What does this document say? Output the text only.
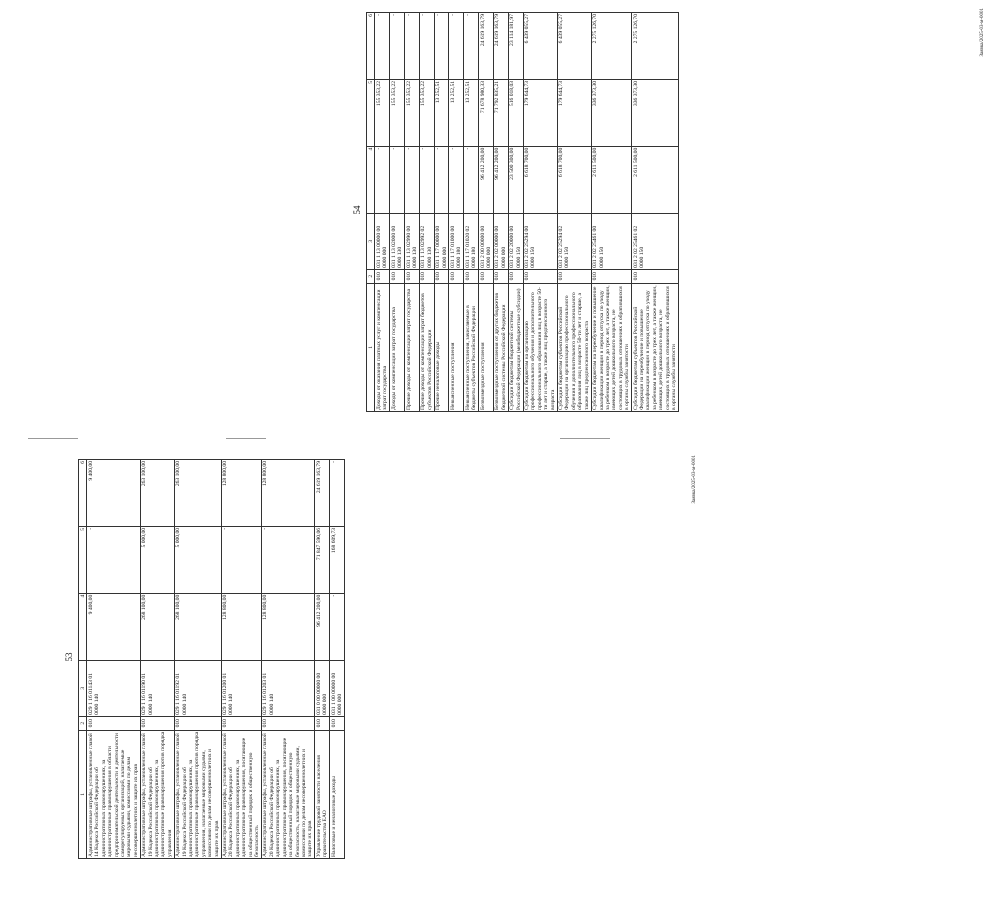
53
1	2	3	4	5	6
Административные штрафы, установленные главой 14 Кодекса Российской Федерации об административных правонарушениях, за административные правонарушения в области предпринимательской деятельности и деятельности саморегулируемых организаций, налагаемые мировыми судьями, комиссиями по делам несовершеннолетних и защите их прав	010	029 1 16 01143 01 0000 140	9 400,00	-	9 400,00
Административные штрафы, установленные главой 19 Кодекса Российской Федерации об административных правонарушениях, за административные правонарушения против порядка управления	010	029 1 16 01190 01 0000 140	268 100,00	5 000,00	263 100,00
Административные штрафы, установленные главой 19 Кодекса Российской Федерации об административных правонарушениях, за административные правонарушения против порядка управления, налагаемые мировыми судьями, комиссиями по делам несовершеннолетних и защите их прав	010	029 1 16 01192 01 0000 140	268 100,00	5 000,00	263 100,00
Административные штрафы, установленные главой 20 Кодекса Российской Федерации об административных правонарушениях, за административные правонарушения, посягающие на общественный порядок и общественную безопасность	010	029 1 16 01200 01 0000 140	128 800,00	-	128 800,00
Административные штрафы, установленные главой 20 Кодекса Российской Федерации об административных правонарушениях, за административные правонарушения, посягающие на общественный порядок и общественную безопасность, налагаемые мировыми судьями, комиссиями по делам несовершеннолетних и защите их прав	010	029 1 16 01203 01 0000 140	128 800,00	-	128 800,00
Управление трудовой занятости населения правительства ЕАО	010	031 0 00 00000 00 0000 000	96 412 200,00	71 847 590,06	24 619 163,79
Налоговые и неналоговые доходы	010	031 1 00 00000 00 0000 000	-	168 609,73	-	Заявка/2025-03-м-0001
54
1	2	3	4	5	6
Доходы от оказания платных услуг и компенсации затрат государства	010	031 1 13 00000 00 0000 000	-	155 353,22	-
Доходы от компенсации затрат государства	010	031 1 13 02000 00 0000 130	-	155 353,22	-
Прочие доходы от компенсации затрат государства	010	031 1 13 02990 00 0000 130	-	155 353,22	-
Прочие доходы от компенсации затрат бюджетов субъектов Российской Федерации	010	031 1 13 02992 02 0000 130	-	155 353,22	-
Прочие неналоговые доходы	010	031 1 17 00000 00 0000 000	-	13 252,51	-
Невыясненные поступления	010	031 1 17 01000 00 0000 180	-	13 252,51	-
Невыясненные поступления, зачисляемые в бюджеты субъектов Российской Федерации	010	031 1 17 01020 02 0000 180	-	13 252,51	-
Безвозмездные поступления	010	031 2 00 00000 00 0000 000	96 412 200,00	71 678 980,33	24 619 163,79
Безвозмездные поступления от других бюджетов бюджетной системы Российской Федерации	010	031 2 02 00000 00 0000 000	96 412 200,00	71 792 835,21	24 619 163,79
Субсидии бюджетам бюджетной системы Российской Федерации (межбюджетные субсидии)	010	031 2 02 20000 00 0000 150	23 500 300,00	516 018,03	23 114 181,97
Субсидии бюджетам на организацию профессионального обучения и дополнительного профессионального образования лиц в возрасте 50-ти лет и старше, а также лиц предпенсионного возраста	010	031 2 02 25294 00 0000 150	6 618 700,00	179 644,73	6 439 055,27
Субсидии бюджетам субъектов Российской Федерации на организацию профессионального обучения и дополнительного профессионального образования лиц в возрасте 50-ти лет и старше, а также лиц предпенсионного возраста	010	031 2 02 25294 02 0000 150	6 618 700,00	179 644,73	6 439 055,27
Субсидии бюджетам на переобучение и повышение квалификации женщин в период отпуска по уходу за ребенком в возрасте до трех лет, а также женщин, имеющих детей дошкольного возраста, не состоящих в трудовых отношениях и обратившихся в органы службы занятости	010	031 2 02 25461 00 0000 150	2 611 500,00	336 373,30	2 275 126,70
Субсидии бюджетам субъектов Российской Федерации на переобучение и повышение квалификации женщин в период отпуска по уходу за ребенком в возрасте до трех лет, а также женщин, имеющих детей дошкольного возраста, не состоящих в трудовых отношениях и обратившихся в органы службы занятости	010	031 2 02 25461 02 0000 150	2 611 500,00	336 373,30	2 275 126,70	Заявка/2025-03-м-0001
